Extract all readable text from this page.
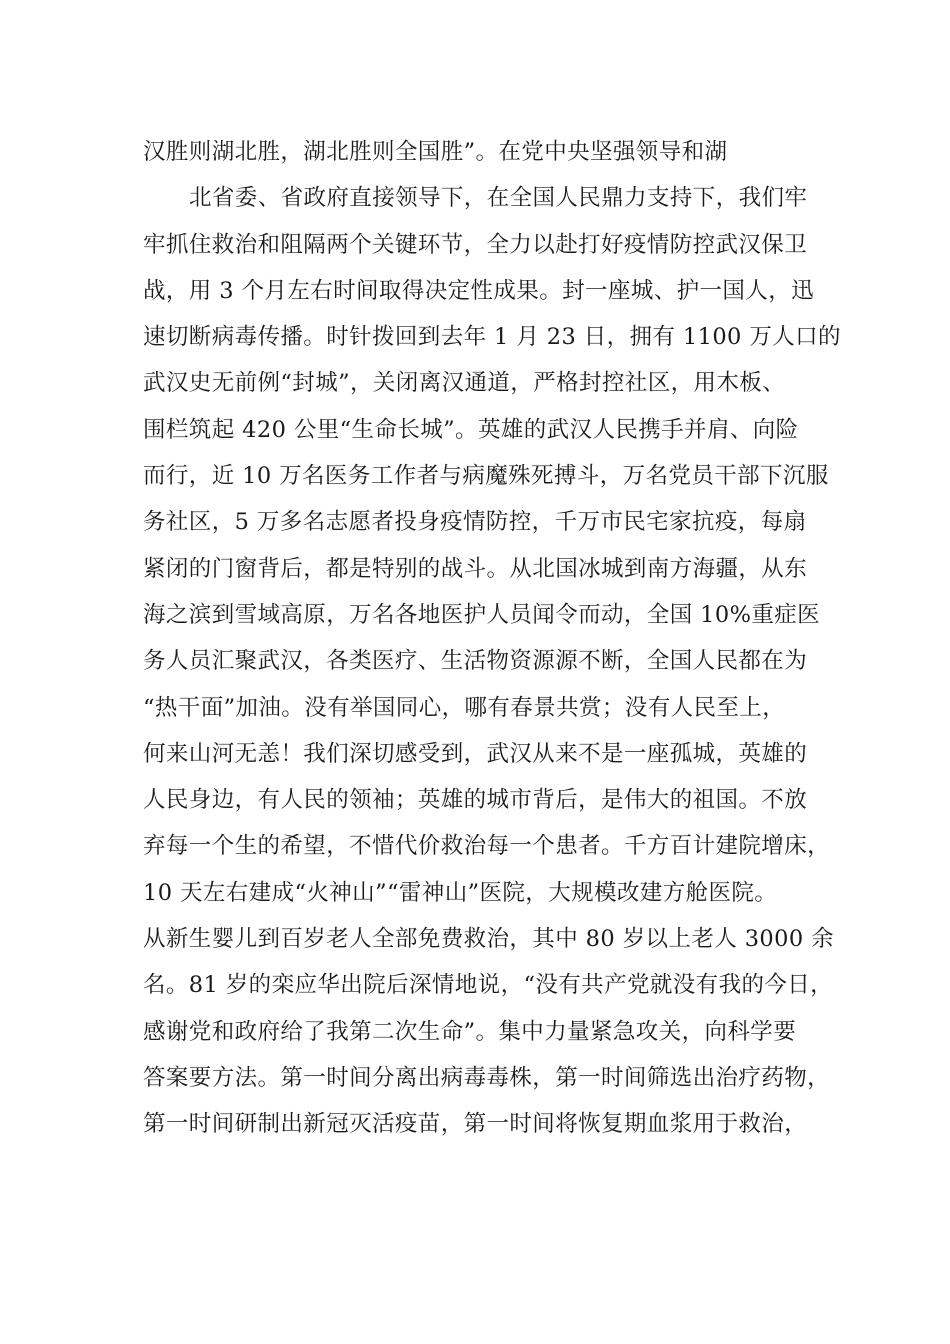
汉胜则湖北胜，湖北胜则全国胜”。在党中央坚强领导和湖
北省委、省政府直接领导下，在全国人民鼎力支持下，我们牢
牢抓住救治和阻隔两个关键环节，全力以赴打好疫情防控武汉保卫
战，用 3 个月左右时间取得决定性成果。封一座城、护一国人，迅
速切断病毒传播。时针拨回到去年 1 月 23 日，拥有 1100 万人口的
武汉史无前例“封城”，关闭离汉通道，严格封控社区，用木板、
围栏筑起 420 公里“生命长城”。英雄的武汉人民携手并肩、向险
而行，近 10 万名医务工作者与病魔殊死搏斗，万名党员干部下沉服
务社区，5 万多名志愿者投身疫情防控，千万市民宅家抗疫，每扇
紧闭的门窗背后，都是特别的战斗。从北国冰城到南方海疆，从东
海之滨到雪域高原，万名各地医护人员闻令而动，全国 10%重症医
务人员汇聚武汉，各类医疗、生活物资源源不断，全国人民都在为
“热干面”加油。没有举国同心，哪有春景共赏；没有人民至上，
何来山河无恙！我们深切感受到，武汉从来不是一座孤城，英雄的
人民身边，有人民的领袖；英雄的城市背后，是伟大的祖国。不放
弃每一个生的希望，不惜代价救治每一个患者。千方百计建院增床，
10 天左右建成“火神山”“雷神山”医院，大规模改建方舱医院。
从新生婴儿到百岁老人全部免费救治，其中 80 岁以上老人 3000 余
名。81 岁的栾应华出院后深情地说，“没有共产党就没有我的今日，
感谢党和政府给了我第二次生命”。集中力量紧急攻关，向科学要
答案要方法。第一时间分离出病毒毒株，第一时间筛选出治疗药物，
第一时间研制出新冠灭活疫苗，第一时间将恢复期血浆用于救治，
